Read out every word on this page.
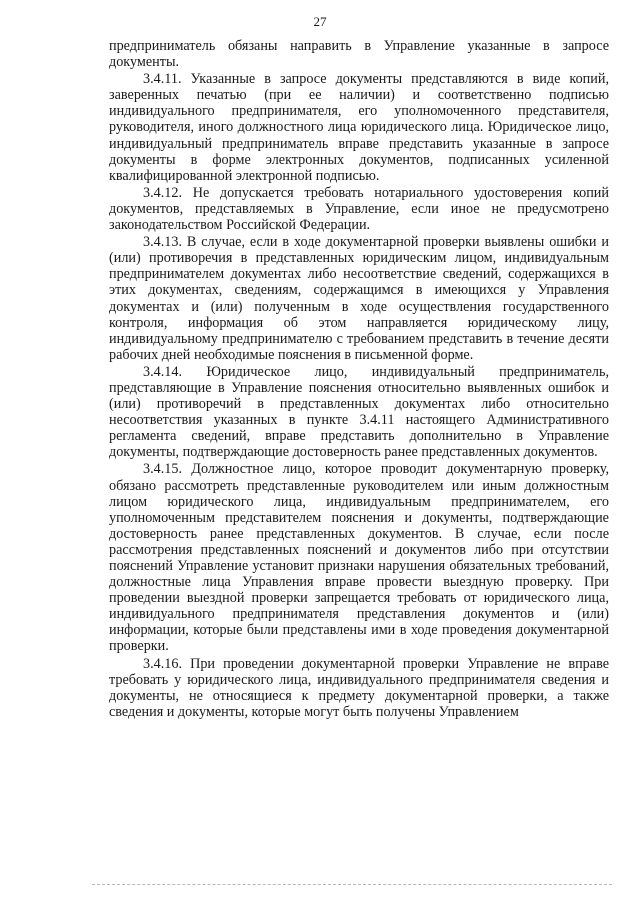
27

предприниматель обязаны направить в Управление указанные в запросе документы.

3.4.11. Указанные в запросе документы представляются в виде копий, заверенных печатью (при ее наличии) и соответственно подписью индивидуального предпринимателя, его уполномоченного представителя, руководителя, иного должностного лица юридического лица. Юридическое лицо, индивидуальный предприниматель вправе представить указанные в запросе документы в форме электронных документов, подписанных усиленной квалифицированной электронной подписью.

3.4.12. Не допускается требовать нотариального удостоверения копий документов, представляемых в Управление, если иное не предусмотрено законодательством Российской Федерации.

3.4.13. В случае, если в ходе документарной проверки выявлены ошибки и (или) противоречия в представленных юридическим лицом, индивидуальным предпринимателем документах либо несоответствие сведений, содержащихся в этих документах, сведениям, содержащимся в имеющихся у Управления документах и (или) полученным в ходе осуществления государственного контроля, информация об этом направляется юридическому лицу, индивидуальному предпринимателю с требованием представить в течение десяти рабочих дней необходимые пояснения в письменной форме.

3.4.14. Юридическое лицо, индивидуальный предприниматель, представляющие в Управление пояснения относительно выявленных ошибок и (или) противоречий в представленных документах либо относительно несоответствия указанных в пункте 3.4.11 настоящего Административного регламента сведений, вправе представить дополнительно в Управление документы, подтверждающие достоверность ранее представленных документов.

3.4.15. Должностное лицо, которое проводит документарную проверку, обязано рассмотреть представленные руководителем или иным должностным лицом юридического лица, индивидуальным предпринимателем, его уполномоченным представителем пояснения и документы, подтверждающие достоверность ранее представленных документов. В случае, если после рассмотрения представленных пояснений и документов либо при отсутствии пояснений Управление установит признаки нарушения обязательных требований, должностные лица Управления вправе провести выездную проверку. При проведении выездной проверки запрещается требовать от юридического лица, индивидуального предпринимателя представления документов и (или) информации, которые были представлены ими в ходе проведения документарной проверки.

3.4.16. При проведении документарной проверки Управление не вправе требовать у юридического лица, индивидуального предпринимателя сведения и документы, не относящиеся к предмету документарной проверки, а также сведения и документы, которые могут быть получены Управлением
